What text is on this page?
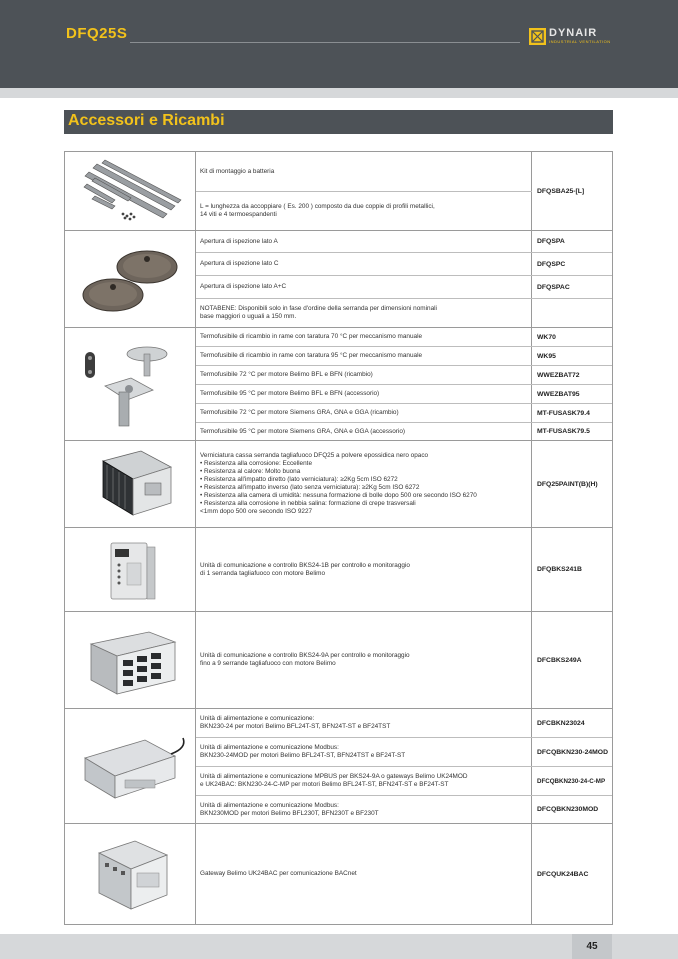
DFQ25S	DYNAIR
INDUSTRIAL VENTILATION
Accessori e Ricambi
Kit di montaggio a batteria
L = lunghezza da accoppiare ( Es. 200 ) composto da due coppie di profili metallici,
14 viti e 4 termoespandenti
DFQSBA25-[L]
Apertura di ispezione lato A	DFQSPA
Apertura di ispezione lato C	DFQSPC
Apertura di ispezione lato A+C	DFQSPAC
NOTABENE: Disponibili solo in fase d'ordine della serranda per dimensioni nominali
base maggiori o uguali a 150 mm.
Termofusibile di ricambio in rame con taratura 70 °C per meccanismo manuale	WK70
Termofusibile di ricambio in rame con taratura 95 °C per meccanismo manuale	WK95
Termofusibile 72 °C per motore Belimo BFL e BFN (ricambio)	WWEZBAT72
Termofusibile 95 °C per motore Belimo BFL e BFN (accessorio)	WWEZBAT95
Termofusibile 72 °C per motore Siemens GRA, GNA e GGA (ricambio)	MT-FUSASK79.4
Termofusibile 95 °C per motore Siemens GRA, GNA e GGA (accessorio)	MT-FUSASK79.5
Verniciatura cassa serranda tagliafuoco DFQ25 a polvere epossidica nero opaco
• Resistenza alla corrosione: Eccellente
• Resistenza al calore: Molto buona
• Resistenza all'impatto diretto (lato verniciatura): ≥2Kg 5cm ISO 6272
• Resistenza all'impatto inverso (lato senza verniciatura): ≥2Kg 5cm ISO 6272
• Resistenza alla camera di umidità: nessuna formazione di bolle dopo 500 ore secondo ISO 6270
• Resistenza alla corrosione in nebbia salina: formazione di crepe trasversali
<1mm dopo 500 ore secondo ISO 9227
DFQ25PAINT(B)(H)
Unità di comunicazione e controllo BKS24-1B per controllo e monitoraggio
di 1 serranda tagliafuoco con motore Belimo	DFQBKS241B
Unità di comunicazione e controllo BKS24-9A per controllo e monitoraggio
fino a 9 serrande tagliafuoco con motore Belimo	DFCBKS249A
Unità di alimentazione e comunicazione:
BKN230-24 per motori Belimo BFL24T-ST, BFN24T-ST e BF24TST	DFCBKN23024
Unità di alimentazione e comunicazione Modbus:
BKN230-24MOD per motori Belimo BFL24T-ST, BFN24TST e BF24T-ST	DFCQBKN230-24MOD
Unità di alimentazione e comunicazione MPBUS per BKS24-9A o gateways Belimo UK24MOD
e UK24BAC: BKN230-24-C-MP per motori Belimo BFL24T-ST, BFN24T-ST e BF24T-ST	DFCQBKN230-24-C-MP
Unità di alimentazione e comunicazione Modbus:
BKN230MOD per motori Belimo BFL230T, BFN230T e BF230T	DFCQBKN230MOD
Gateway Belimo UK24BAC per comunicazione BACnet	DFCQUK24BAC
45
